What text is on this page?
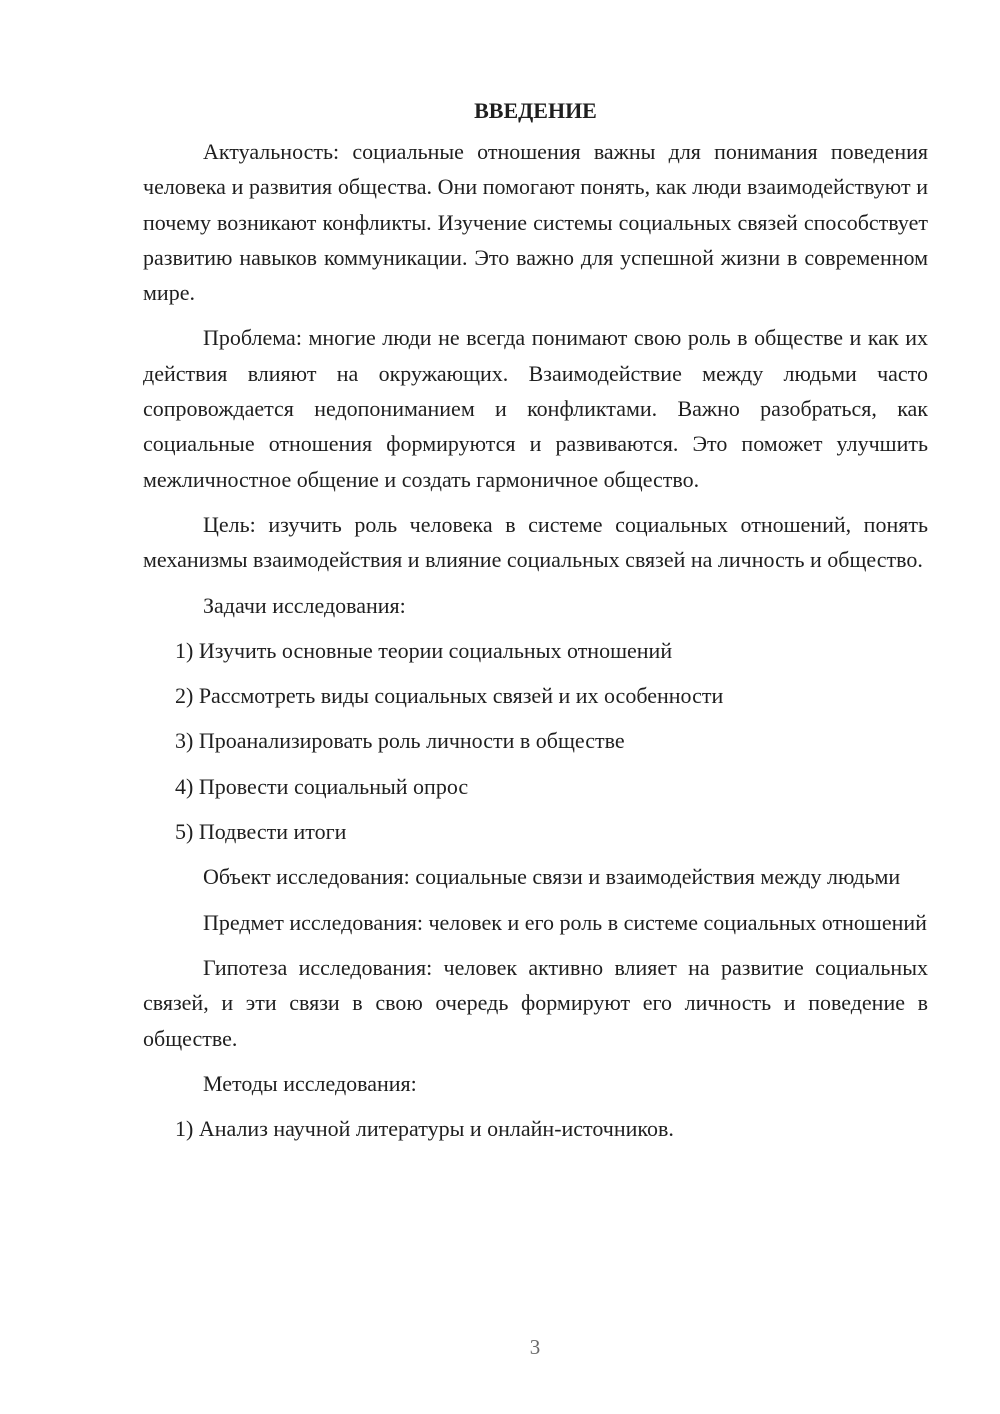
ВВЕДЕНИЕ

Актуальность: социальные отношения важны для понимания поведения человека и развития общества. Они помогают понять, как люди взаимодействуют и почему возникают конфликты. Изучение системы социальных связей способствует развитию навыков коммуникации. Это важно для успешной жизни в современном мире.

Проблема: многие люди не всегда понимают свою роль в обществе и как их действия влияют на окружающих. Взаимодействие между людьми часто сопровождается недопониманием и конфликтами. Важно разобраться, как социальные отношения формируются и развиваются. Это поможет улучшить межличностное общение и создать гармоничное общество.

Цель: изучить роль человека в системе социальных отношений, понять механизмы взаимодействия и влияние социальных связей на личность и общество.

Задачи исследования:

1) Изучить основные теории социальных отношений
2) Рассмотреть виды социальных связей и их особенности
3) Проанализировать роль личности в обществе
4) Провести социальный опрос
5) Подвести итоги

Объект исследования: социальные связи и взаимодействия между людьми

Предмет исследования: человек и его роль в системе социальных отношений

Гипотеза исследования: человек активно влияет на развитие социальных связей, и эти связи в свою очередь формируют его личность и поведение в обществе.

Методы исследования:

1) Анализ научной литературы и онлайн-источников.
3
